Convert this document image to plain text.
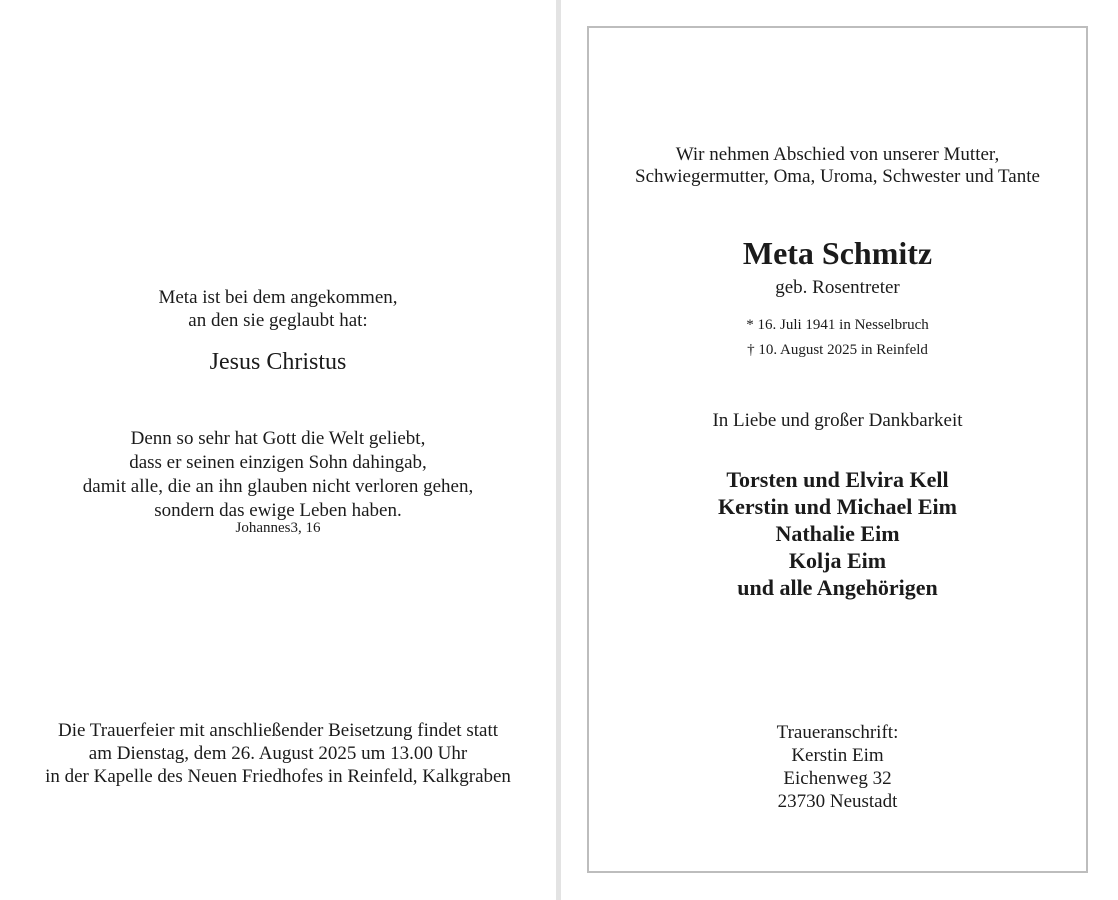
Meta ist bei dem angekommen,
an den sie geglaubt hat:
Jesus Christus
Denn so sehr hat Gott die Welt geliebt,
dass er seinen einzigen Sohn dahingab,
damit alle, die an ihn glauben nicht verloren gehen,
sondern das ewige Leben haben.
Johannes3, 16
Die Trauerfeier mit anschließender Beisetzung findet statt
am Dienstag, dem 26. August 2025 um 13.00 Uhr
in der Kapelle des Neuen Friedhofes in Reinfeld, Kalkgraben
Wir nehmen Abschied von unserer Mutter,
Schwiegermutter, Oma, Uroma, Schwester und Tante
Meta Schmitz
geb. Rosentreter
* 16. Juli 1941 in Nesselbruch
† 10. August 2025 in Reinfeld
In Liebe und großer Dankbarkeit
Torsten und Elvira Kell
Kerstin und Michael Eim
Nathalie Eim
Kolja Eim
und alle Angehörigen
Traueranschrift:
Kerstin Eim
Eichenweg 32
23730 Neustadt
